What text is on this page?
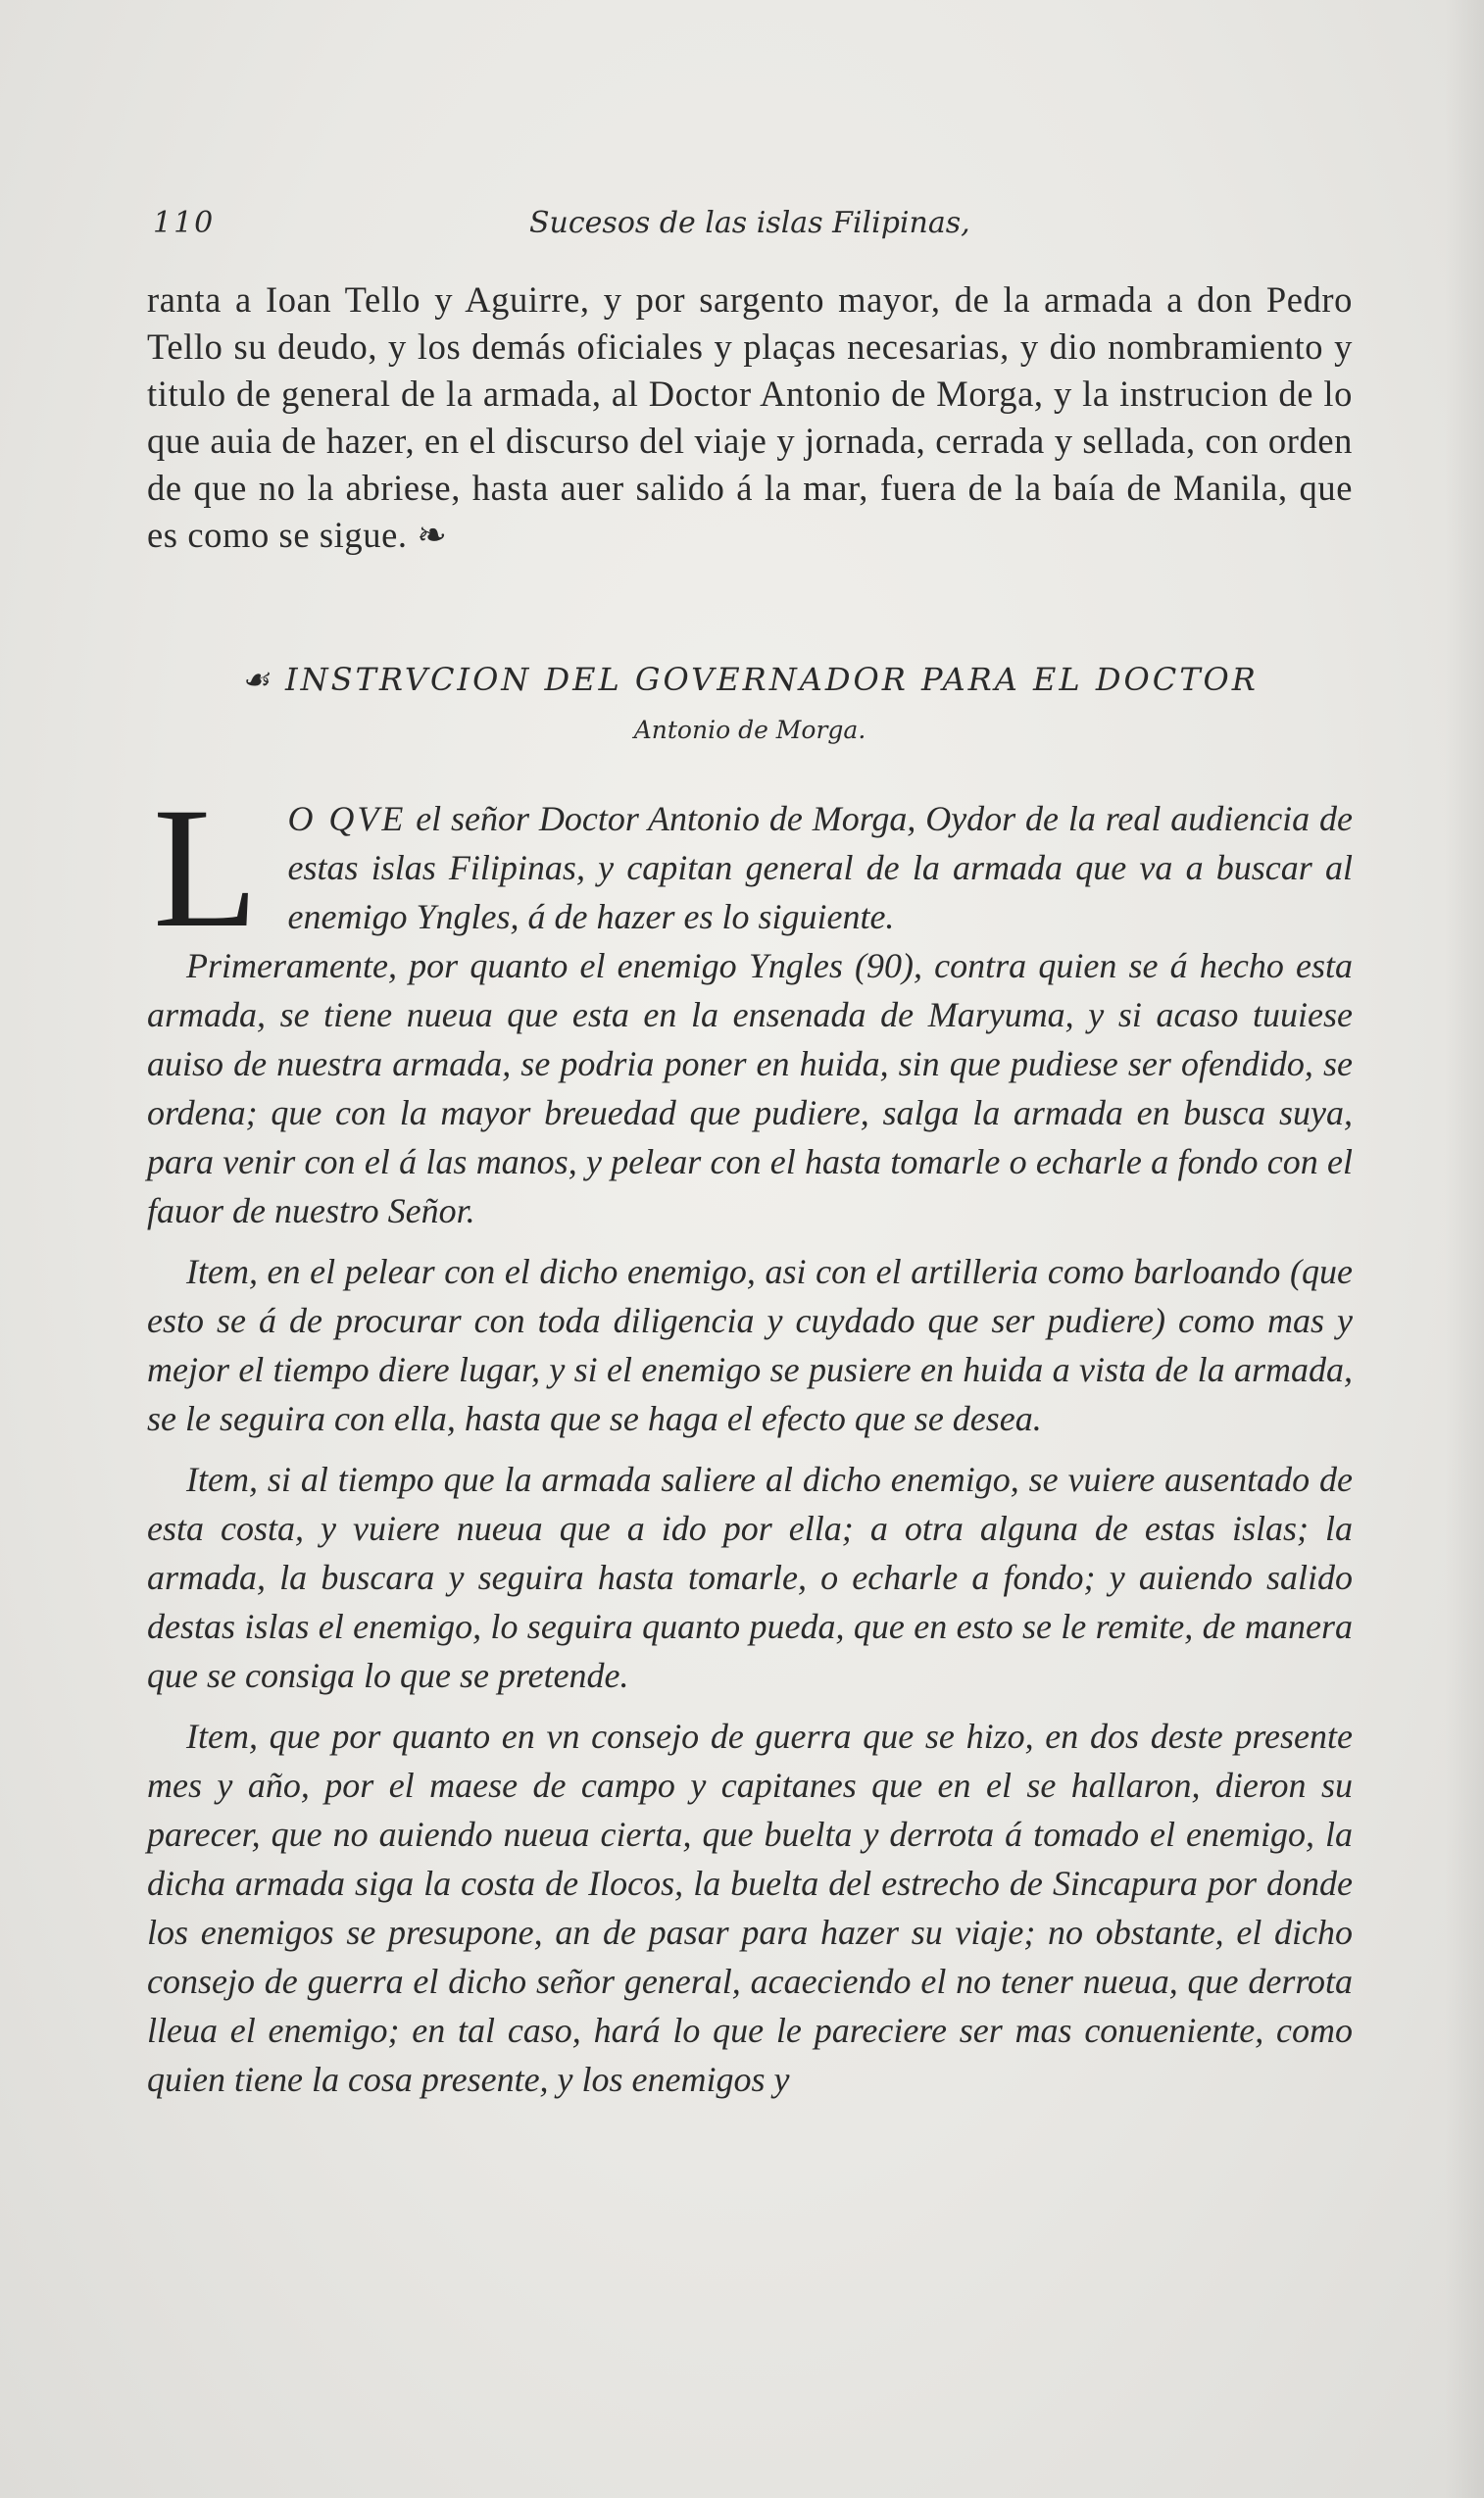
110	Sucesos de las islas Filipinas,
ranta a Ioan Tello y Aguirre, y por sargento mayor, de la armada a don Pedro Tello su deudo, y los demás oficiales y plaças necesarias, y dio nombramiento y titulo de general de la armada, al Doctor Antonio de Morga, y la instrucion de lo que auia de hazer, en el discurso del viaje y jornada, cerrada y sellada, con orden de que no la abriese, hasta auer salido á la mar, fuera de la baía de Manila, que es como se sigue. ❧
☙ INSTRVCION DEL GOVERNADOR PARA EL DOCTOR
Antonio de Morga.

L O QVE el señor Doctor Antonio de Morga, Oydor de la real audiencia de estas islas Filipinas, y capitan general de la armada que va a buscar al enemigo Yngles, á de hazer es lo siguiente.

Primeramente, por quanto el enemigo Yngles (90), contra quien se á hecho esta armada, se tiene nueua que esta en la ensenada de Maryuma, y si acaso tuuiese auiso de nuestra armada, se podria poner en huida, sin que pudiese ser ofendido, se ordena; que con la mayor breuedad que pudiere, salga la armada en busca suya, para venir con el á las manos, y pelear con el hasta tomarle o echarle a fondo con el fauor de nuestro Señor.

Item, en el pelear con el dicho enemigo, asi con el artilleria como barloando (que esto se á de procurar con toda diligencia y cuydado que ser pudiere) como mas y mejor el tiempo diere lugar, y si el enemigo se pusiere en huida a vista de la armada, se le seguira con ella, hasta que se haga el efecto que se desea.

Item, si al tiempo que la armada saliere al dicho enemigo, se vuiere ausentado de esta costa, y vuiere nueua que a ido por ella; a otra alguna de estas islas; la armada, la buscara y seguira hasta tomarle, o echarle a fondo; y auiendo salido destas islas el enemigo, lo seguira quanto pueda, que en esto se le remite, de manera que se consiga lo que se pretende.

Item, que por quanto en vn consejo de guerra que se hizo, en dos deste presente mes y año, por el maese de campo y capitanes que en el se hallaron, dieron su parecer, que no auiendo nueua cierta, que buelta y derrota á tomado el enemigo, la dicha armada siga la costa de Ilocos, la buelta del estrecho de Sincapura por donde los enemigos se presupone, an de pasar para hazer su viaje; no obstante, el dicho consejo de guerra el dicho señor general, acaeciendo el no tener nueua, que derrota lleua el enemigo; en tal caso, hará lo que le pareciere ser mas conueniente, como quien tiene la cosa presente, y los enemigos y
